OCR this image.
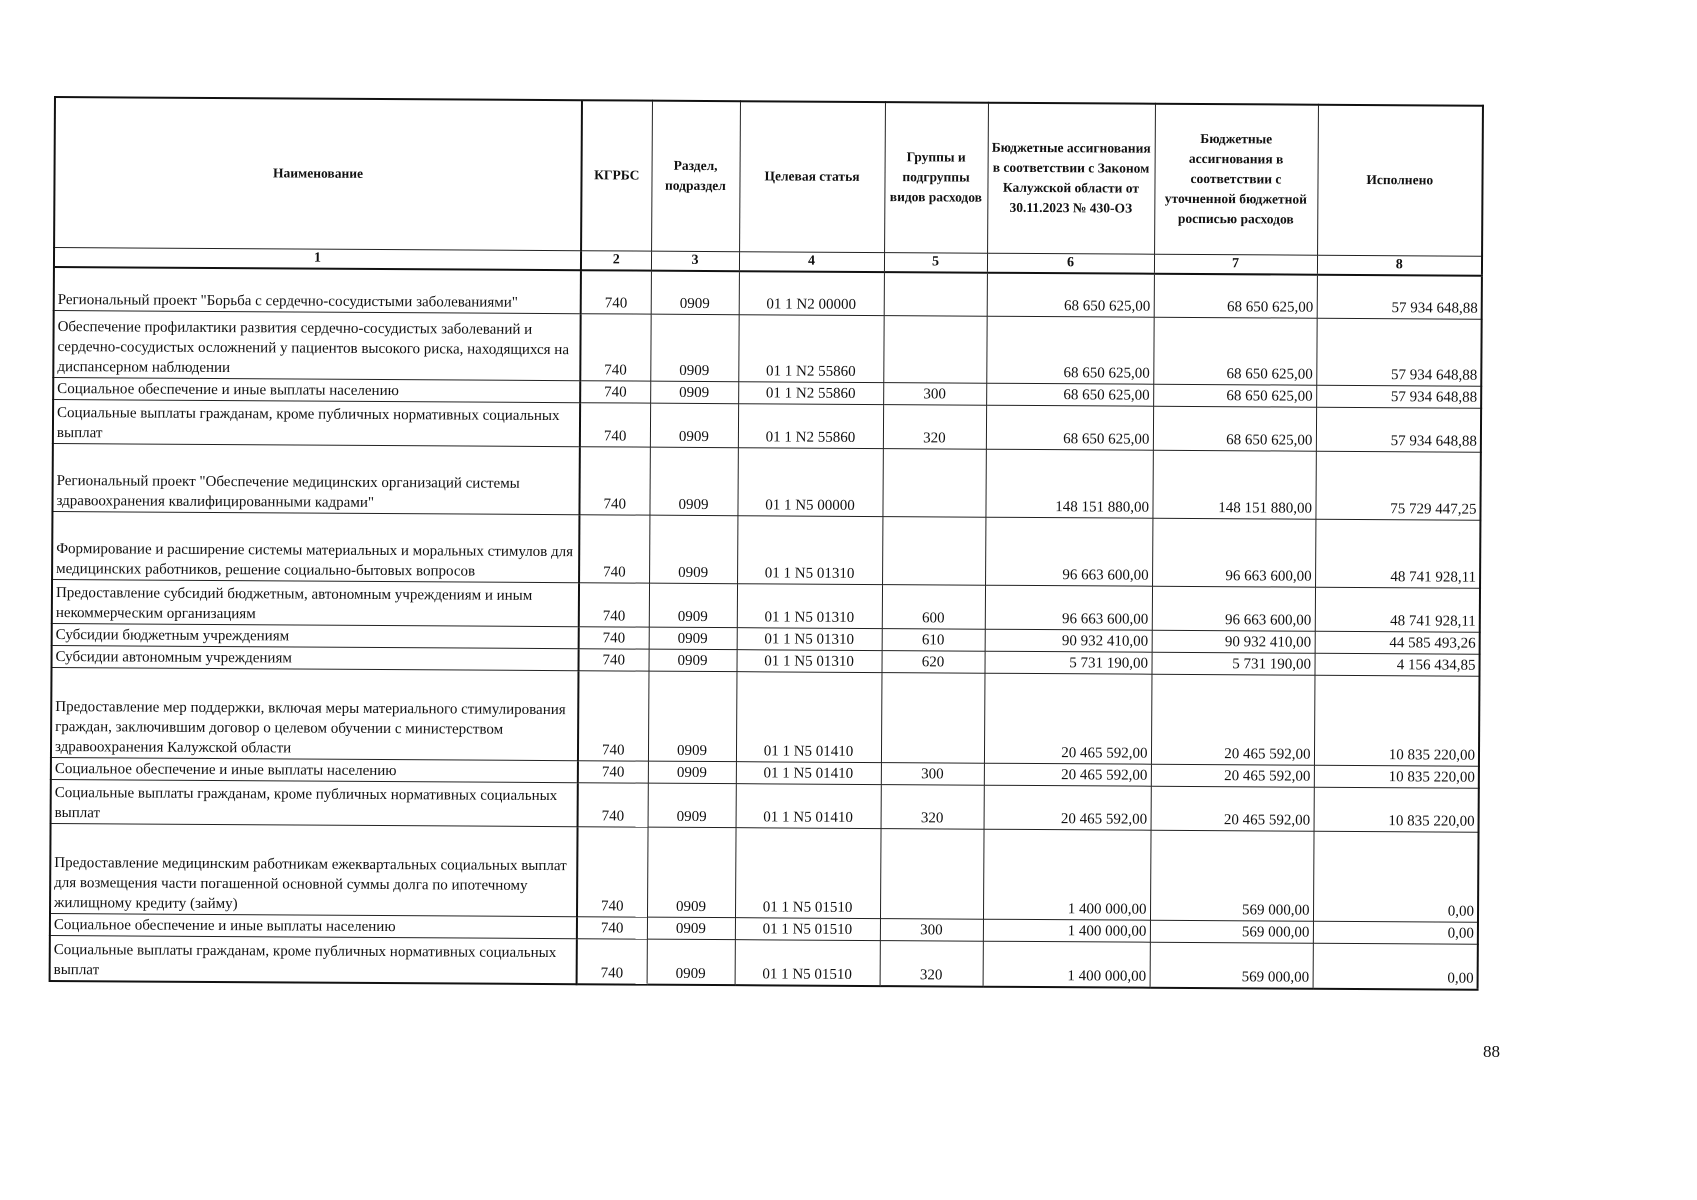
Наименование	КГРБС	Раздел, подраздел	Целевая статья	Группы и подгруппы видов расходов	Бюджетные ассигнования в соответствии с Законом Калужской области от 30.11.2023 № 430-ОЗ	Бюджетные ассигнования в соответствии с уточненной бюджетной росписью расходов	Исполнено
1	2	3	4	5	6	7	8
Региональный проект "Борьба с сердечно-сосудистыми заболеваниями"	740	0909	01 1 N2 00000		68 650 625,00	68 650 625,00	57 934 648,88
Обеспечение профилактики развития сердечно-сосудистых заболеваний и сердечно-сосудистых осложнений у пациентов высокого риска, находящихся на диспансерном наблюдении	740	0909	01 1 N2 55860		68 650 625,00	68 650 625,00	57 934 648,88
Социальное обеспечение и иные выплаты населению	740	0909	01 1 N2 55860	300	68 650 625,00	68 650 625,00	57 934 648,88
Социальные выплаты гражданам, кроме публичных нормативных социальных выплат	740	0909	01 1 N2 55860	320	68 650 625,00	68 650 625,00	57 934 648,88
Региональный проект "Обеспечение медицинских организаций системы здравоохранения квалифицированными кадрами"	740	0909	01 1 N5 00000		148 151 880,00	148 151 880,00	75 729 447,25
Формирование и расширение системы материальных и моральных стимулов для медицинских работников, решение социально-бытовых вопросов	740	0909	01 1 N5 01310		96 663 600,00	96 663 600,00	48 741 928,11
Предоставление субсидий бюджетным, автономным учреждениям и иным некоммерческим организациям	740	0909	01 1 N5 01310	600	96 663 600,00	96 663 600,00	48 741 928,11
Субсидии бюджетным учреждениям	740	0909	01 1 N5 01310	610	90 932 410,00	90 932 410,00	44 585 493,26
Субсидии автономным учреждениям	740	0909	01 1 N5 01310	620	5 731 190,00	5 731 190,00	4 156 434,85
Предоставление мер поддержки, включая меры материального стимулирования граждан, заключившим договор о целевом обучении с министерством здравоохранения Калужской области	740	0909	01 1 N5 01410		20 465 592,00	20 465 592,00	10 835 220,00
Социальное обеспечение и иные выплаты населению	740	0909	01 1 N5 01410	300	20 465 592,00	20 465 592,00	10 835 220,00
Социальные выплаты гражданам, кроме публичных нормативных социальных выплат	740	0909	01 1 N5 01410	320	20 465 592,00	20 465 592,00	10 835 220,00
Предоставление медицинским работникам ежеквартальных социальных выплат для возмещения части погашенной основной суммы долга по ипотечному жилищному кредиту (займу)	740	0909	01 1 N5 01510		1 400 000,00	569 000,00	0,00
Социальное обеспечение и иные выплаты населению	740	0909	01 1 N5 01510	300	1 400 000,00	569 000,00	0,00
Социальные выплаты гражданам, кроме публичных нормативных социальных выплат	740	0909	01 1 N5 01510	320	1 400 000,00	569 000,00	0,00
88
